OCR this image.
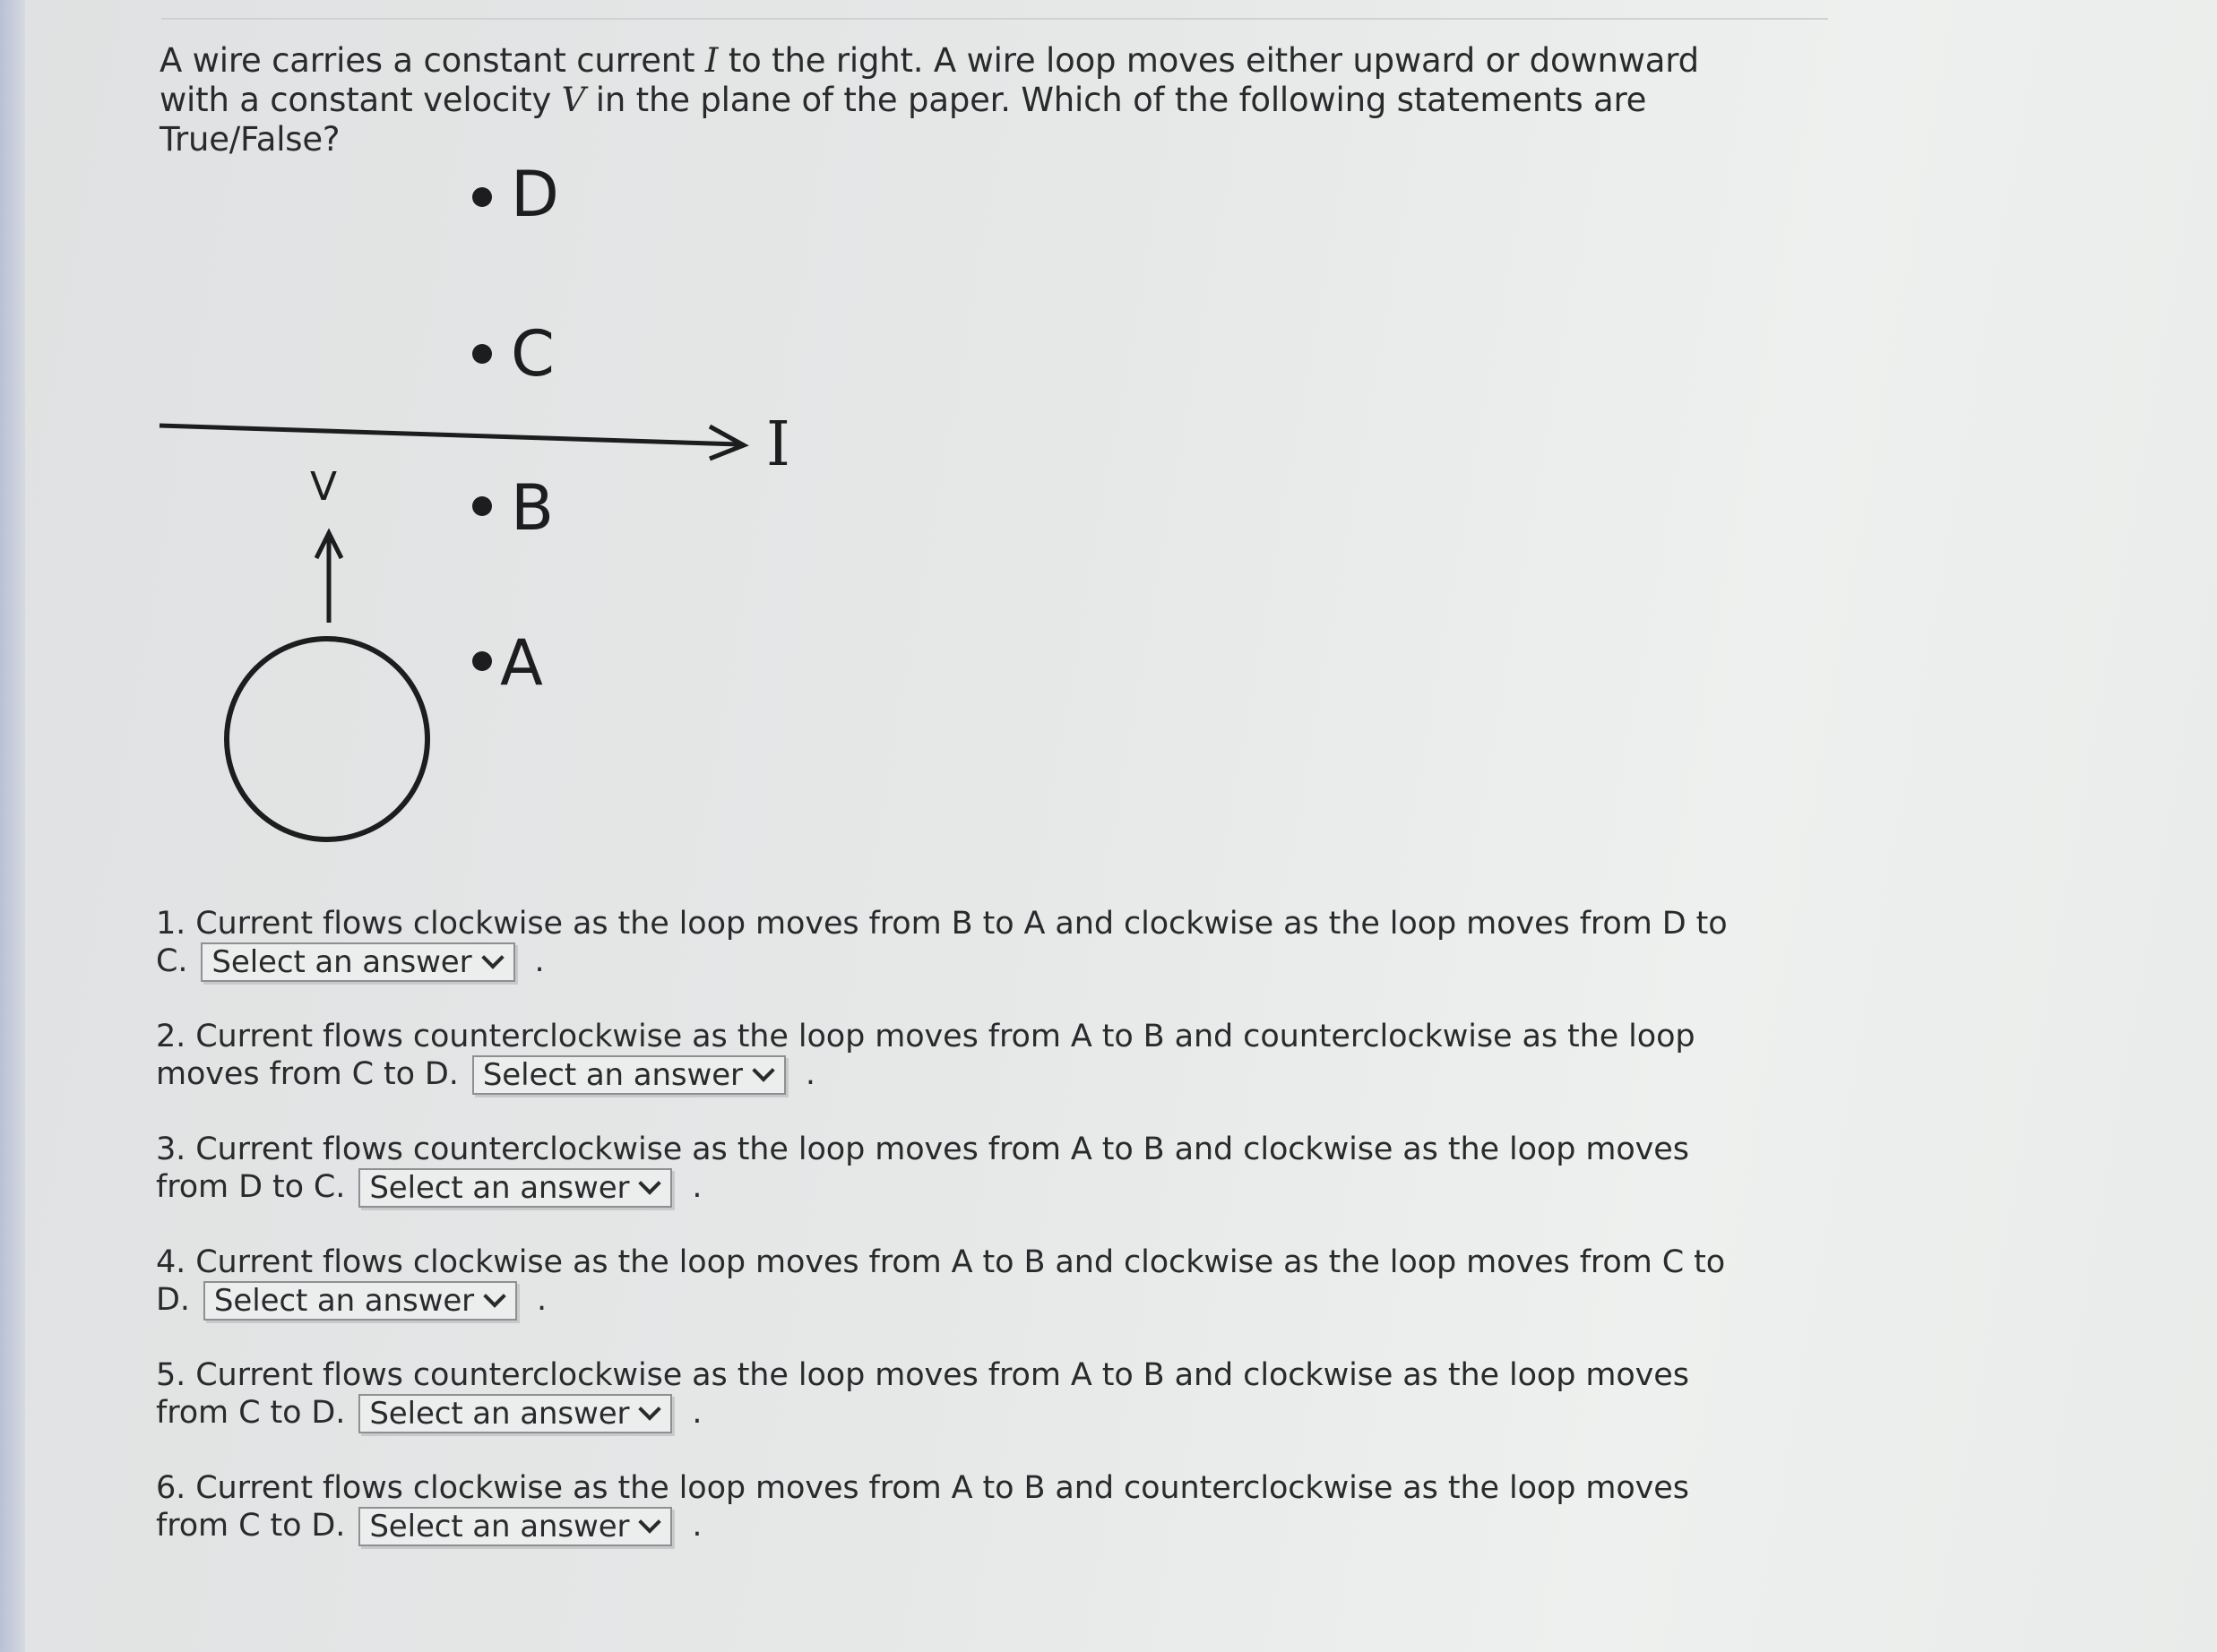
A wire carries a constant current I to the right. A wire loop moves either upward or downward with a constant velocity V in the plane of the paper. Which of the following statements are True/False?
D
C
B
A
I
V
1. Current flows clockwise as the loop moves from B to A and clockwise as the loop moves from D to C. Select an answer .
2. Current flows counterclockwise as the loop moves from A to B and counterclockwise as the loop moves from C to D. Select an answer .
3. Current flows counterclockwise as the loop moves from A to B and clockwise as the loop moves from D to C. Select an answer .
4. Current flows clockwise as the loop moves from A to B and clockwise as the loop moves from C to D. Select an answer .
5. Current flows counterclockwise as the loop moves from A to B and clockwise as the loop moves from C to D. Select an answer .
6. Current flows clockwise as the loop moves from A to B and counterclockwise as the loop moves from C to D. Select an answer .
